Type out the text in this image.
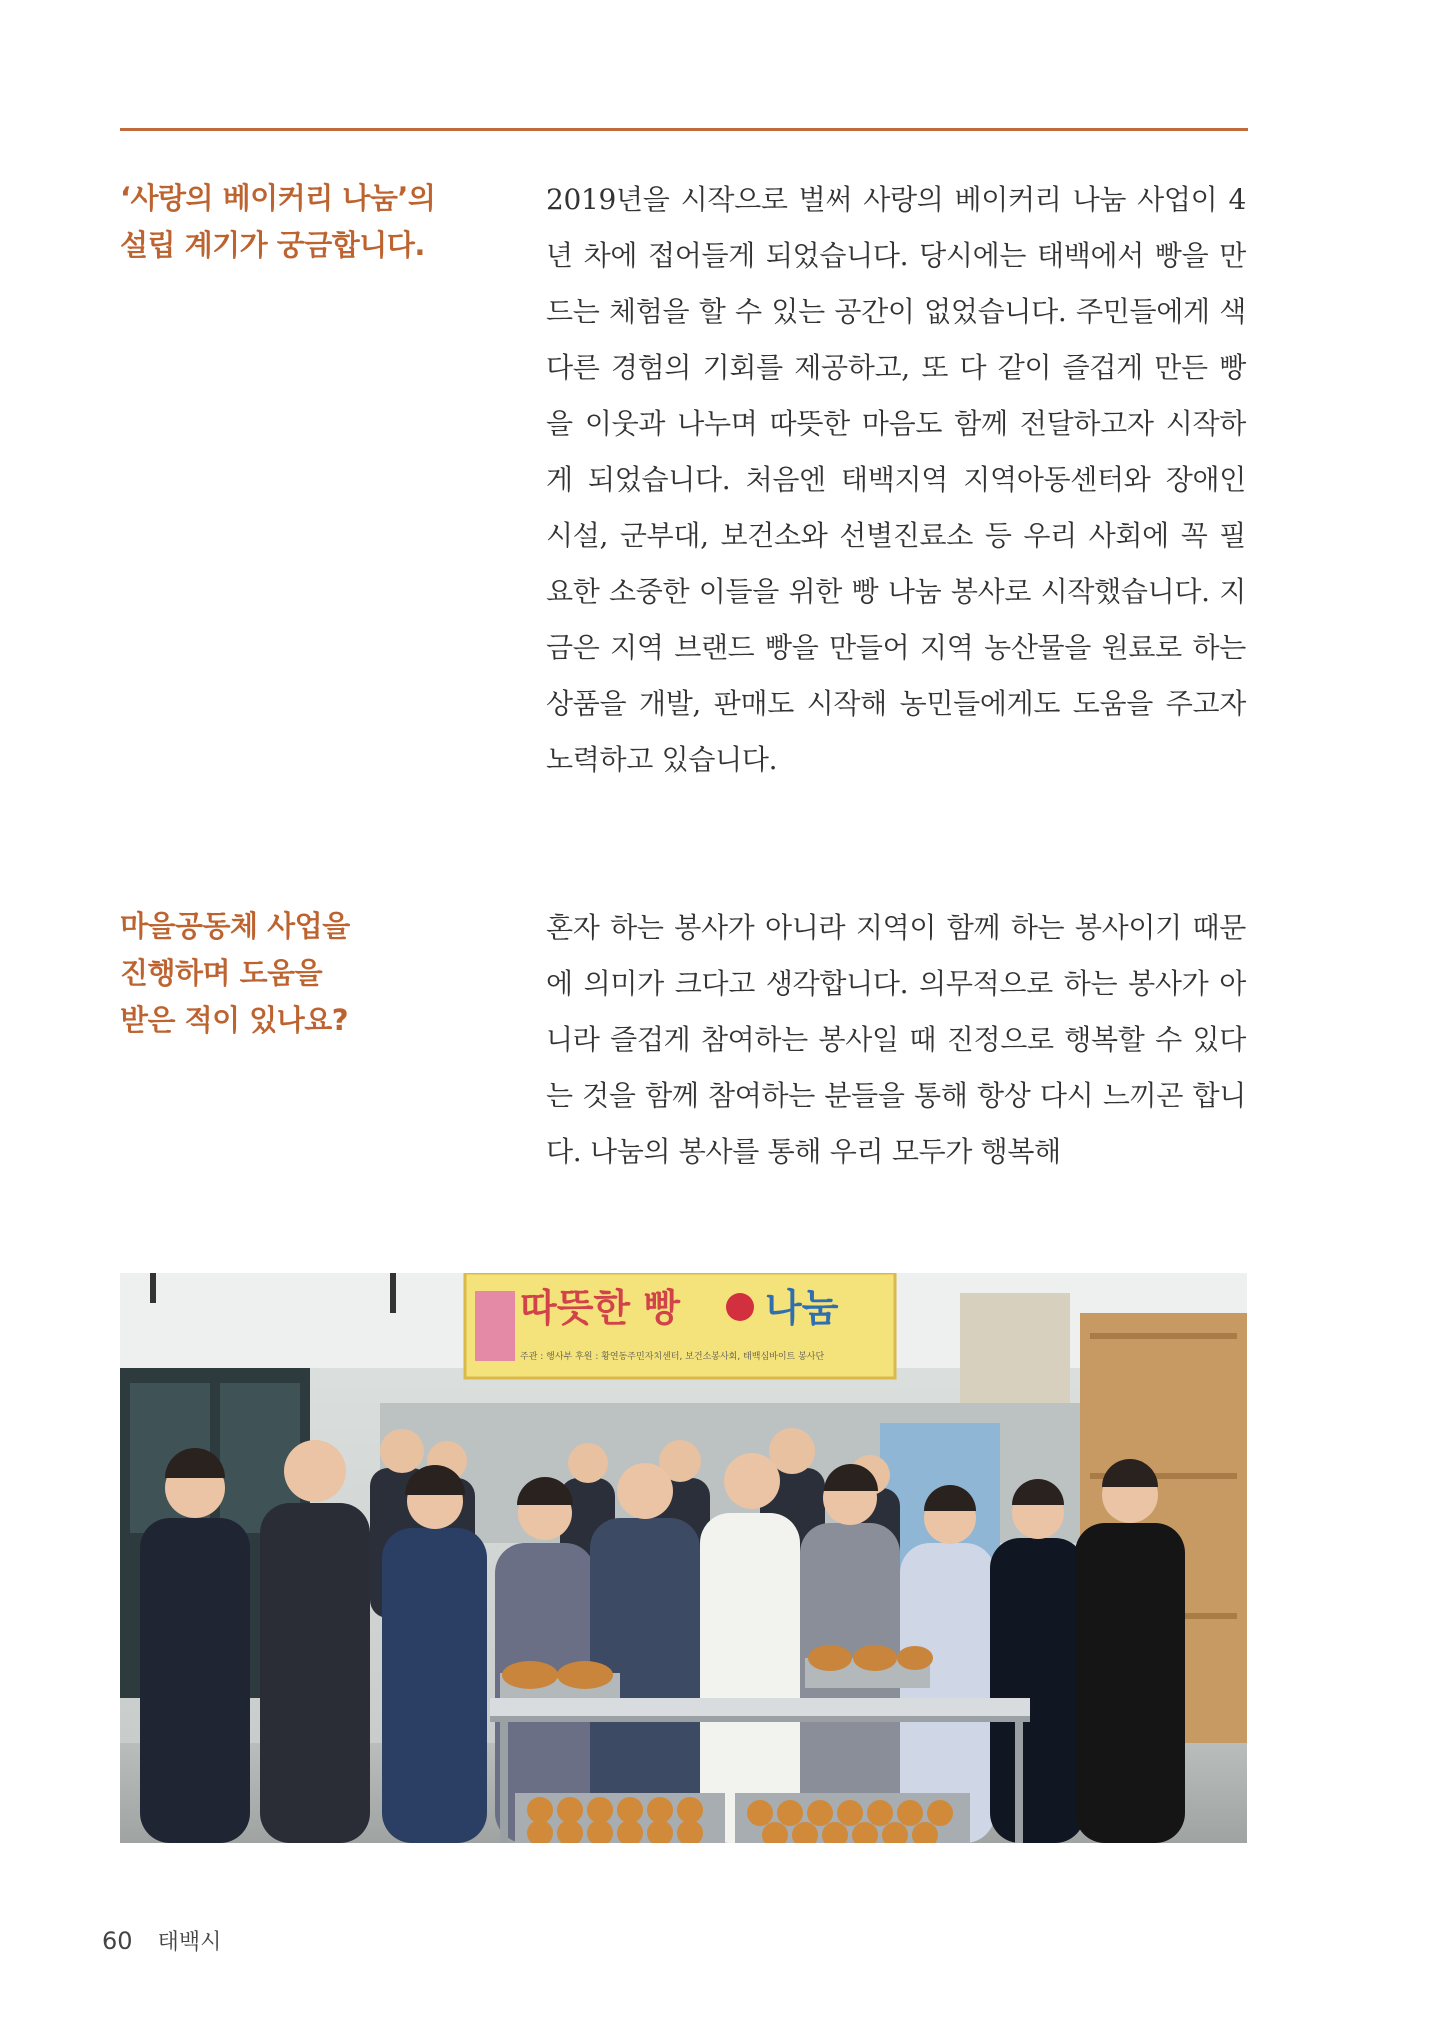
‘사랑의 베이커리 나눔’의
설립 계기가 궁금합니다.

2019년을 시작으로 벌써 사랑의 베이커리 나눔 사업이 4년 차에 접어들게 되었습니다. 당시에는 태백에서 빵을 만드는 체험을 할 수 있는 공간이 없었습니다. 주민들에게 색다른 경험의 기회를 제공하고, 또 다 같이 즐겁게 만든 빵을 이웃과 나누며 따뜻한 마음도 함께 전달하고자 시작하게 되었습니다. 처음엔 태백지역 지역아동센터와 장애인 시설, 군부대, 보건소와 선별진료소 등 우리 사회에 꼭 필요한 소중한 이들을 위한 빵 나눔 봉사로 시작했습니다. 지금은 지역 브랜드 빵을 만들어 지역 농산물을 원료로 하는 상품을 개발, 판매도 시작해 농민들에게도 도움을 주고자 노력하고 있습니다.

마을공동체 사업을
진행하며 도움을
받은 적이 있나요?

혼자 하는 봉사가 아니라 지역이 함께 하는 봉사이기 때문에 의미가 크다고 생각합니다. 의무적으로 하는 봉사가 아니라 즐겁게 참여하는 봉사일 때 진정으로 행복할 수 있다는 것을 함께 참여하는 분들을 통해 항상 다시 느끼곤 합니다. 나눔의 봉사를 통해 우리 모두가 행복해

따뜻한 빵 나눔
주관 : 행사부 후원 : 황연동주민자치센터, 보건소봉사회, 태백심바이트 봉사단
60 태백시
